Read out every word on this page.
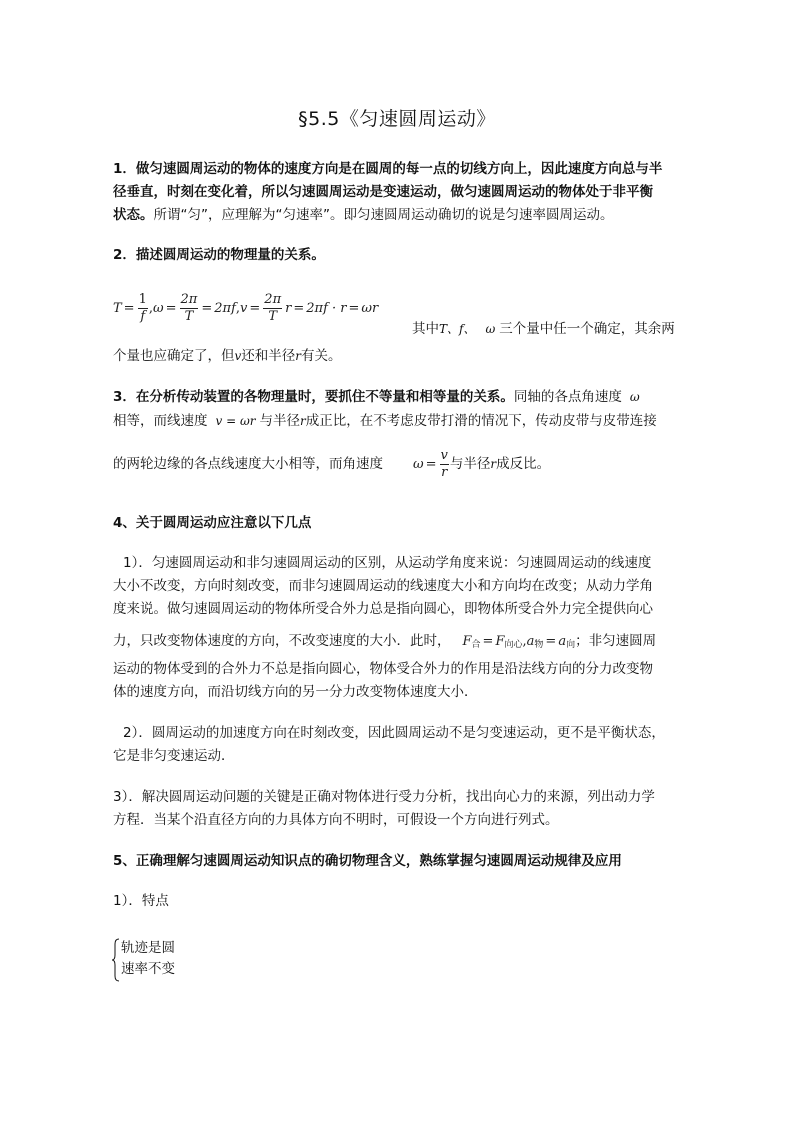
§5.5《匀速圆周运动》
1．做匀速圆周运动的物体的速度方向是在圆周的每一点的切线方向上，因此速度方向总与半
径垂直，时刻在变化着，所以匀速圆周运动是变速运动，做匀速圆周运动的物体处于非平衡
状态。所谓“匀”，应理解为“匀速率”。即匀速圆周运动确切的说是匀速率圆周运动。
2．描述圆周运动的物理量的关系。
$T = \frac{1}{f} ,\omega = \frac{2\pi}{T} = 2\pi f,v = \frac{2\pi}{T}$ r = 2πf · r = ωr
其中T、f、 ω 三个量中任一个确定，其余两
个量也应确定了，但v还和半径r有关。
3．在分析传动装置的各物理量时，要抓住不等量和相等量的关系。同轴的各点角速度 ω
相等，而线速度 v = ωr 与半径r成正比，在不考虑皮带打滑的情况下，传动皮带与皮带连接
的两轮边缘的各点线速度大小相等，而角速度 $\omega = \frac{v}{r}$ 与半径r成反比。
4、关于圆周运动应注意以下几点
1）．匀速圆周运动和非匀速圆周运动的区别，从运动学角度来说：匀速圆周运动的线速度
大小不改变，方向时刻改变，而非匀速圆周运动的线速度大小和方向均在改变；从动力学角
度来说。做匀速圆周运动的物体所受合外力总是指向圆心，即物体所受合外力完全提供向心
力，只改变物体速度的方向，不改变速度的大小．此时， $F_合 = F_{向心},a_物 = a_向$；非匀速圆周
运动的物体受到的合外力不总是指向圆心，物体受合外力的作用是沿法线方向的分力改变物
体的速度方向，而沿切线方向的另一分力改变物体速度大小．
2）．圆周运动的加速度方向在时刻改变，因此圆周运动不是匀变速运动，更不是平衡状态，
它是非匀变速运动．
3）．解决圆周运动问题的关键是正确对物体进行受力分析，找出向心力的来源，列出动力学
方程．当某个沿直径方向的力具体方向不明时，可假设一个方向进行列式。
5、正确理解匀速圆周运动知识点的确切物理含义，熟练掌握匀速圆周运动规律及应用
1）．特点
轨迹是圆
速率不变
